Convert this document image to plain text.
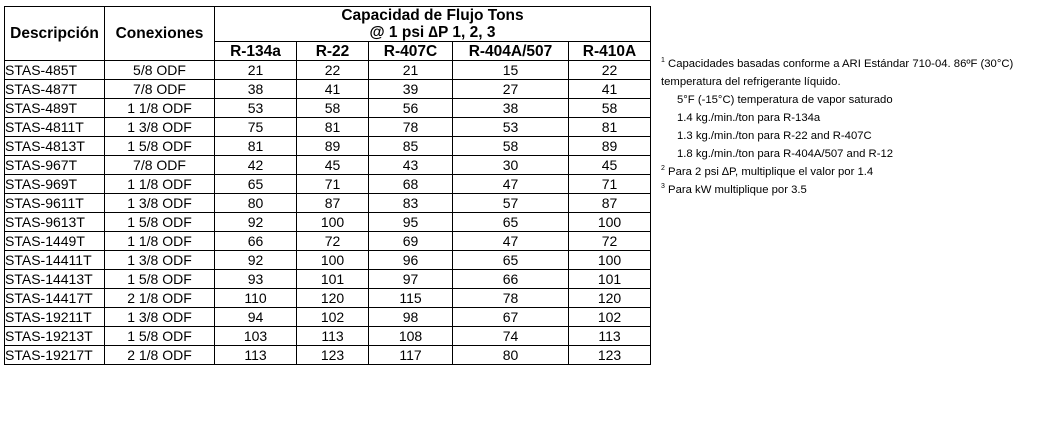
Descripción	Conexiones	Capacidad de Flujo Tons
@ 1 psi ∆P 1, 2, 3				
		R-134a	R-22	R-407C	R-404A/507	R-410A
STAS-485T	5/8 ODF	21	22	21	15	22
STAS-487T	7/8 ODF	38	41	39	27	41
STAS-489T	1 1/8 ODF	53	58	56	38	58
STAS-4811T	1 3/8 ODF	75	81	78	53	81
STAS-4813T	1 5/8 ODF	81	89	85	58	89
STAS-967T	7/8 ODF	42	45	43	30	45
STAS-969T	1 1/8 ODF	65	71	68	47	71
STAS-9611T	1 3/8 ODF	80	87	83	57	87
STAS-9613T	1 5/8 ODF	92	100	95	65	100
STAS-1449T	1 1/8 ODF	66	72	69	47	72
STAS-14411T	1 3/8 ODF	92	100	96	65	100
STAS-14413T	1 5/8 ODF	93	101	97	66	101
STAS-14417T	2 1/8 ODF	110	120	115	78	120
STAS-19211T	1 3/8 ODF	94	102	98	67	102
STAS-19213T	1 5/8 ODF	103	113	108	74	113
STAS-19217T	2 1/8 ODF	113	123	117	80	123
$^1$ Capacidades basadas conforme a ARI Estándar 710-04. 86ºF (30°C)
temperatura del refrigerante líquido.
5°F (-15°C) temperatura de vapor saturado
1.4 kg./min./ton para R-134a
1.3 kg./min./ton para R-22 and R-407C
1.8 kg./min./ton para R-404A/507 and R-12
$^2$ Para 2 psi ∆P, multiplique el valor por 1.4
$^3$ Para kW multiplique por 3.5
